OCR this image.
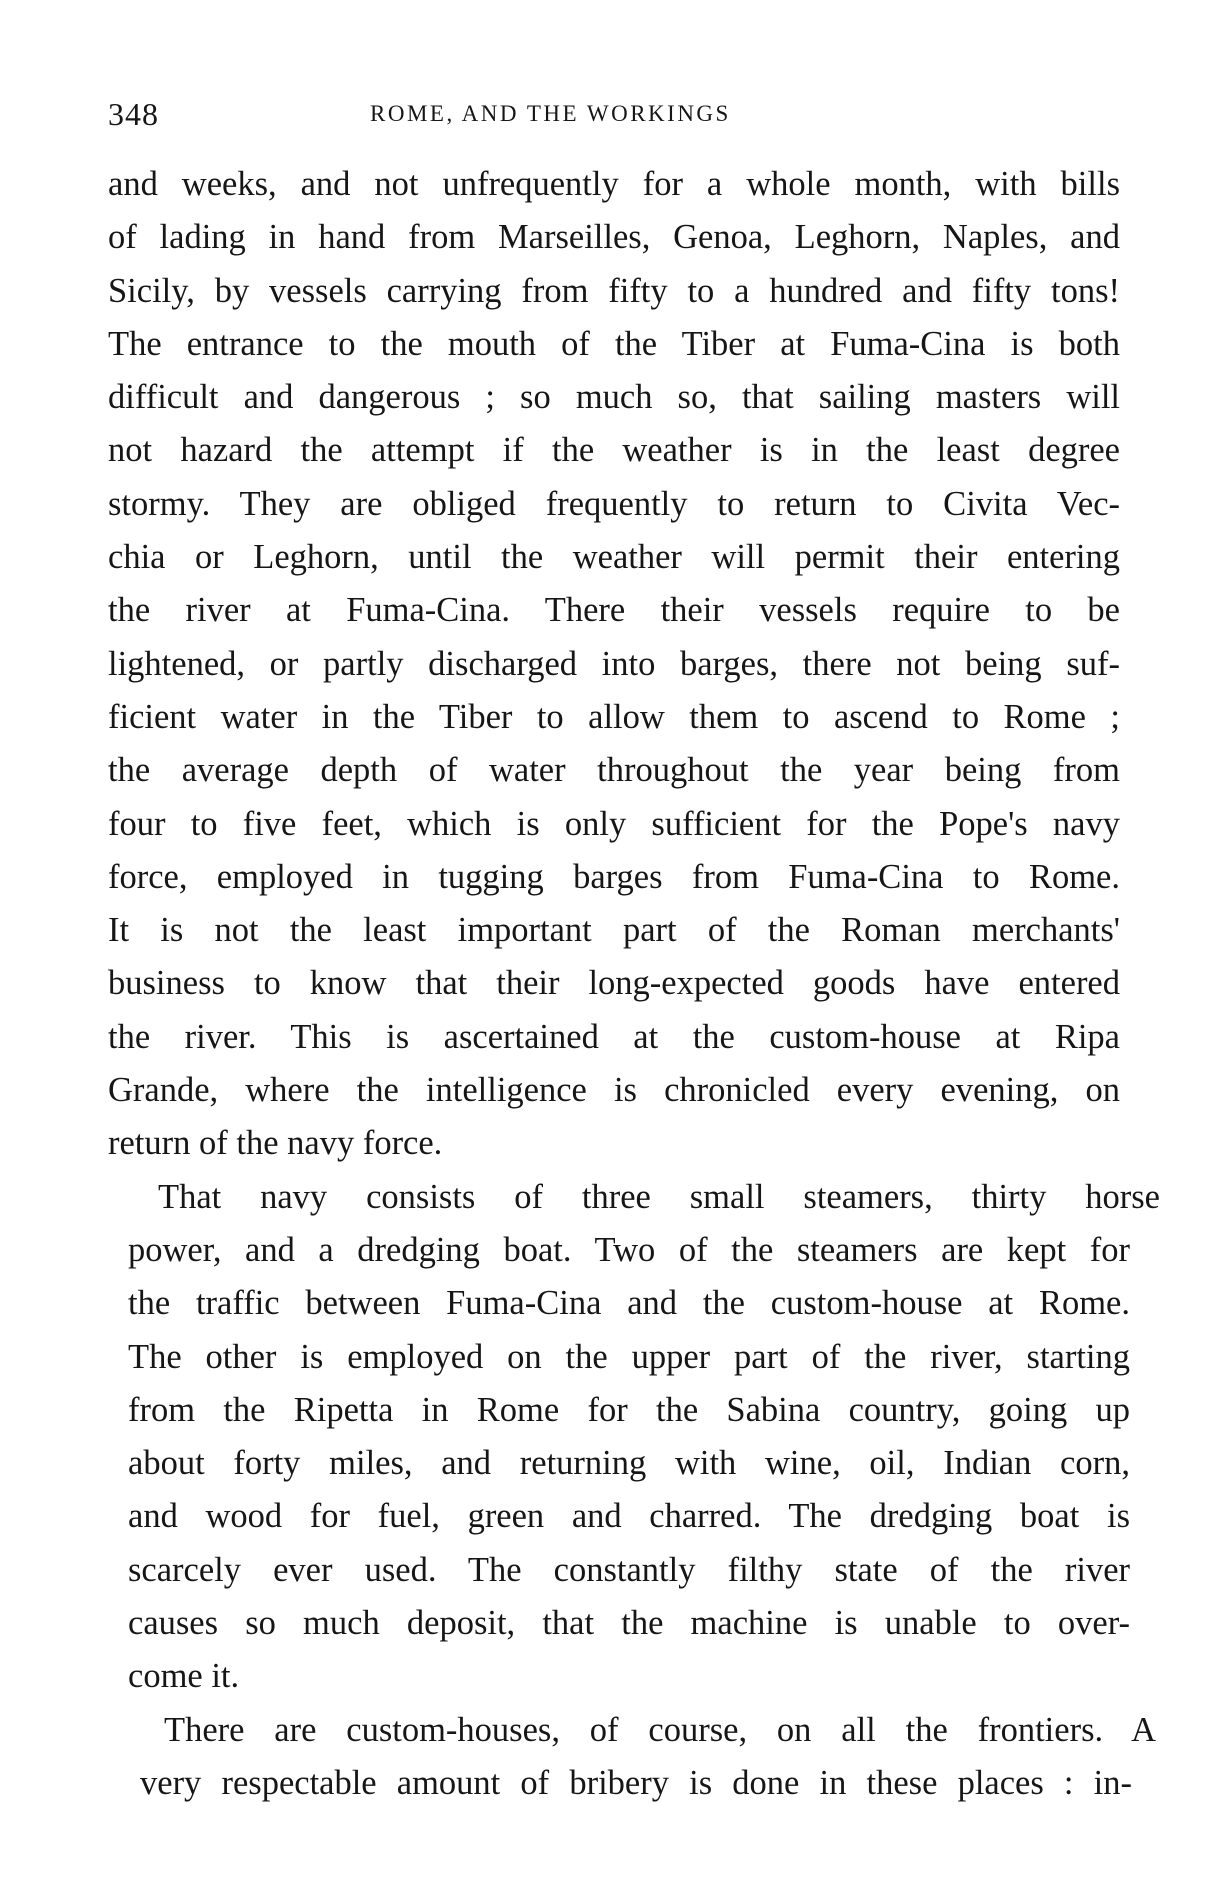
348	ROME, AND THE WORKINGS
and weeks, and not unfrequently for a whole month, with bills
of lading in hand from Marseilles, Genoa, Leghorn, Naples, and
Sicily, by vessels carrying from fifty to a hundred and fifty tons!
The entrance to the mouth of the Tiber at Fuma-Cina is both
difficult and dangerous ; so much so, that sailing masters will
not hazard the attempt if the weather is in the least degree
stormy. They are obliged frequently to return to Civita Vec-
chia or Leghorn, until the weather will permit their entering
the river at Fuma-Cina. There their vessels require to be
lightened, or partly discharged into barges, there not being suf-
ficient water in the Tiber to allow them to ascend to Rome ;
the average depth of water throughout the year being from
four to five feet, which is only sufficient for the Pope's navy
force, employed in tugging barges from Fuma-Cina to Rome.
It is not the least important part of the Roman merchants'
business to know that their long-expected goods have entered
the river. This is ascertained at the custom-house at Ripa
Grande, where the intelligence is chronicled every evening, on
return of the navy force.
That navy consists of three small steamers, thirty horse
power, and a dredging boat. Two of the steamers are kept for
the traffic between Fuma-Cina and the custom-house at Rome.
The other is employed on the upper part of the river, starting
from the Ripetta in Rome for the Sabina country, going up
about forty miles, and returning with wine, oil, Indian corn,
and wood for fuel, green and charred. The dredging boat is
scarcely ever used. The constantly filthy state of the river
causes so much deposit, that the machine is unable to over-
come it.
There are custom-houses, of course, on all the frontiers. A
very respectable amount of bribery is done in these places : in-
